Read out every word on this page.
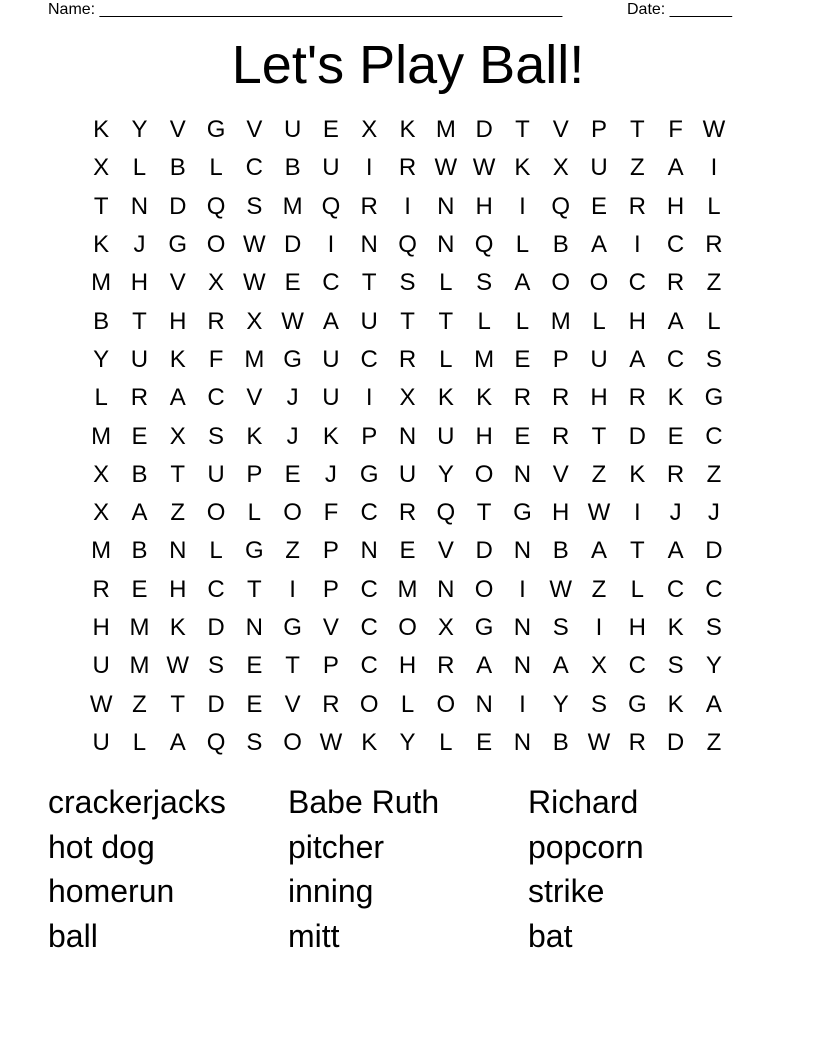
Name: ____________________________________________________	Date: _______
Let's Play Ball!
K Y V G V U E X K M D T V P T F W
X L B L C B U	I	R W W K X U Z A	I
T N D Q S M Q R	I	N H	I	Q E R H L
K	J G O W D	I	N Q N Q L B A	I	C R
M H V X W E C T S L S A O O C R Z
B T H R X W A U T T	L	L M L H A L
Y U K F M G U C R L M E P U A C S
L R A C V	J U	I	X K K R R H R K G
M E X S K	J	K P N U H E R T D E C
X B T U P E	J G U Y O N V Z K R Z
X A Z O L O F C R Q T G H W I	J	J
M B N L G Z P N E V D N B A T A D
R E H C T	I	P C M N O	I W Z	L C C
H M K D N G V C O X G N S	I	H K S
U M W S E T P C H R A N A X C S Y
W Z T D E V R O L O N	I	Y S G K A
U L A Q S O W K Y L E N B W R D Z
crackerjacks
hot dog
homerun
ball
Babe Ruth
pitcher
inning
mitt
Richard
popcorn
strike
bat
